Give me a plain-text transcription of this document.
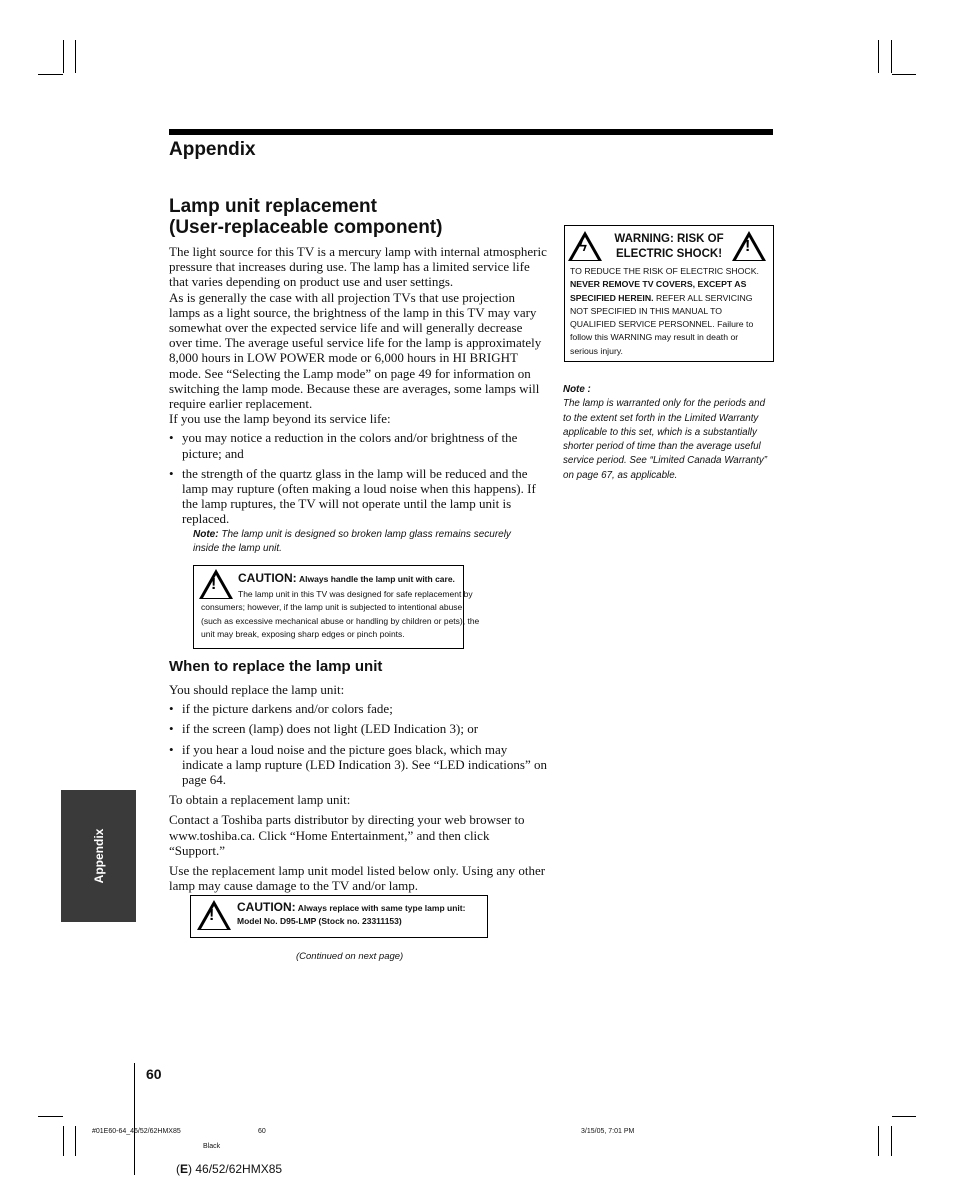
Appendix
Lamp unit replacement
(User-replaceable component)

The light source for this TV is a mercury lamp with internal atmospheric pressure that increases during use. The lamp has a limited service life that varies depending on product use and user settings.

As is generally the case with all projection TVs that use projection lamps as a light source, the brightness of the lamp in this TV may vary somewhat over the expected service life and will generally decrease over time. The average useful service life for the lamp is approximately 8,000 hours in LOW POWER mode or 6,000 hours in HI BRIGHT mode. See “Selecting the Lamp mode” on page 49 for information on switching the lamp mode. Because these are averages, some lamps will require earlier replacement.

If you use the lamp beyond its service life:

• you may notice a reduction in the colors and/or brightness of the picture; and
• the strength of the quartz glass in the lamp will be reduced and the lamp may rupture (often making a loud noise when this happens). If the lamp ruptures, the TV will not operate until the lamp unit is replaced.
Note: The lamp unit is designed so broken lamp glass remains securely inside the lamp unit.
! CAUTION: Always handle the lamp unit with care.
The lamp unit in this TV was designed for safe replacement by consumers; however, if the lamp unit is subjected to intentional abuse (such as excessive mechanical abuse or handling by children or pets), the unit may break, exposing sharp edges or pinch points.
When to replace the lamp unit

You should replace the lamp unit:

• if the picture darkens and/or colors fade;
• if the screen (lamp) does not light (LED Indication 3); or
• if you hear a loud noise and the picture goes black, which may indicate a lamp rupture (LED Indication 3). See “LED indications” on page 64.

To obtain a replacement lamp unit:

Contact a Toshiba parts distributor by directing your web browser to www.toshiba.ca. Click “Home Entertainment,” and then click “Support.”

Use the replacement lamp unit model listed below only. Using any other lamp may cause damage to the TV and/or lamp.

! CAUTION: Always replace with same type lamp unit: Model No. D95-LMP (Stock no. 23311153)
(Continued on next page)
ϟ	!
WARNING: RISK OF
ELECTRIC SHOCK!
TO REDUCE THE RISK OF ELECTRIC SHOCK. NEVER REMOVE TV COVERS, EXCEPT AS SPECIFIED HEREIN. REFER ALL SERVICING NOT SPECIFIED IN THIS MANUAL TO QUALIFIED SERVICE PERSONNEL. Failure to follow this WARNING may result in death or serious injury.
Note :
The lamp is warranted only for the periods and to the extent set forth in the Limited Warranty applicable to this set, which is a substantially shorter period of time than the average useful service period. See “Limited Canada Warranty” on page 67, as applicable.
Appendix
60
#01E60-64_46/52/62HMX85	60	3/15/05, 7:01 PM
Black
(E) 46/52/62HMX85
